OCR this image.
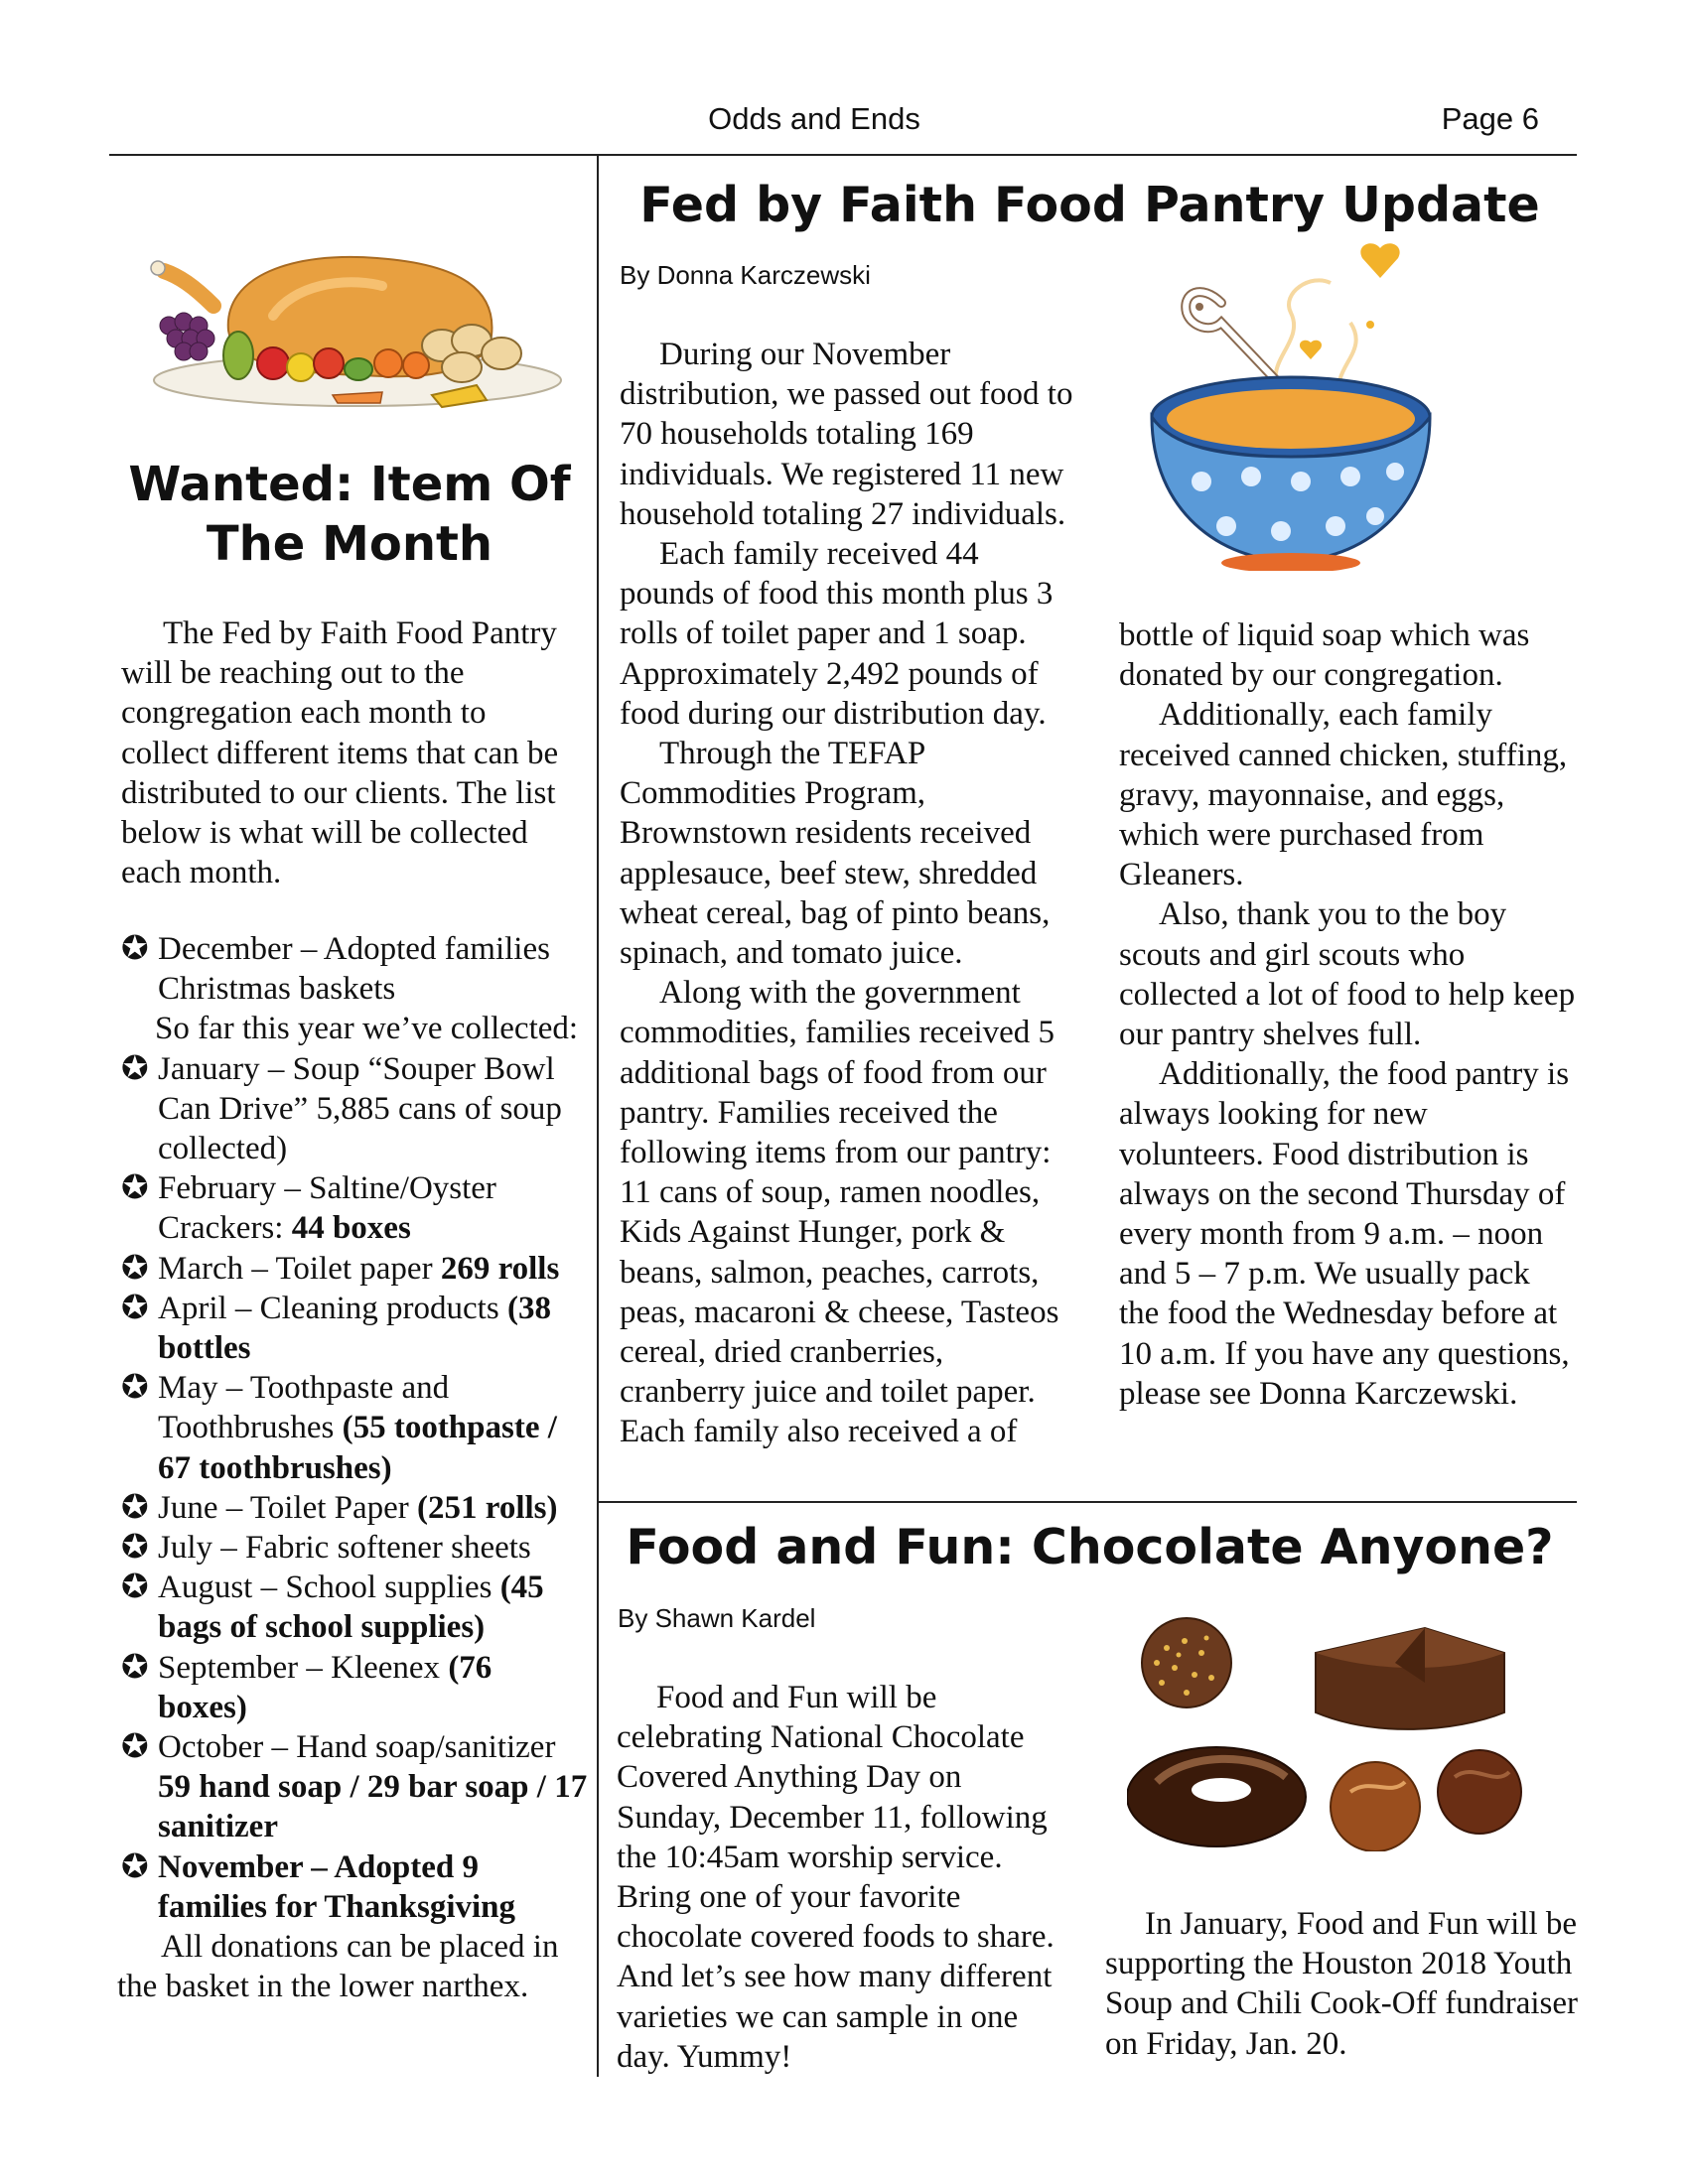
Odds and Ends	Page 6
Wanted: Item Of The Month
The Fed by Faith Food Pantry will be reaching out to the congregation each month to collect different items that can be distributed to our clients. The list below is what will be collected each month.
✪ December – Adopted families Christmas baskets
So far this year we’ve collected:
✪ January – Soup “Souper Bowl Can Drive” 5,885 cans of soup collected)
✪ February – Saltine/Oyster Crackers: 44 boxes
✪ March – Toilet paper 269 rolls
✪ April – Cleaning products (38 bottles
✪ May – Toothpaste and Toothbrushes (55 toothpaste / 67 toothbrushes)
✪ June – Toilet Paper (251 rolls)
✪ July – Fabric softener sheets
✪ August – School supplies (45 bags of school supplies)
✪ September – Kleenex (76 boxes)
✪ October – Hand soap/sanitizer 59 hand soap / 29 bar soap / 17 sanitizer
✪ November – Adopted 9 families for Thanksgiving
All donations can be placed in the basket in the lower narthex.
Fed by Faith Food Pantry Update
By Donna Karczewski
During our November distribution, we passed out food to 70 households totaling 169 individuals. We registered 11 new household totaling 27 individuals.
Each family received 44 pounds of food this month plus 3 rolls of toilet paper and 1 soap. Approximately 2,492 pounds of food during our distribution day.
Through the TEFAP Commodities Program, Brownstown residents received applesauce, beef stew, shredded wheat cereal, bag of pinto beans, spinach, and tomato juice.
Along with the government commodities, families received 5 additional bags of food from our pantry. Families received the following items from our pantry: 11 cans of soup, ramen noodles, Kids Against Hunger, pork & beans, salmon, peaches, carrots, peas, macaroni & cheese, Tasteos cereal, dried cranberries, cranberry juice and toilet paper. Each family also received a of
bottle of liquid soap which was donated by our congregation.
Additionally, each family received canned chicken, stuffing, gravy, mayonnaise, and eggs, which were purchased from Gleaners.
Also, thank you to the boy scouts and girl scouts who collected a lot of food to help keep our pantry shelves full.
Additionally, the food pantry is always looking for new volunteers. Food distribution is always on the second Thursday of every month from 9 a.m. – noon and 5 – 7 p.m. We usually pack the food the Wednesday before at 10 a.m. If you have any questions, please see Donna Karczewski.
Food and Fun: Chocolate Anyone?
By Shawn Kardel
Food and Fun will be celebrating National Chocolate Covered Anything Day on Sunday, December 11, following the 10:45am worship service. Bring one of your favorite chocolate covered foods to share. And let’s see how many different varieties we can sample in one day. Yummy!
In January, Food and Fun will be supporting the Houston 2018 Youth Soup and Chili Cook-Off fundraiser on Friday, Jan. 20.
